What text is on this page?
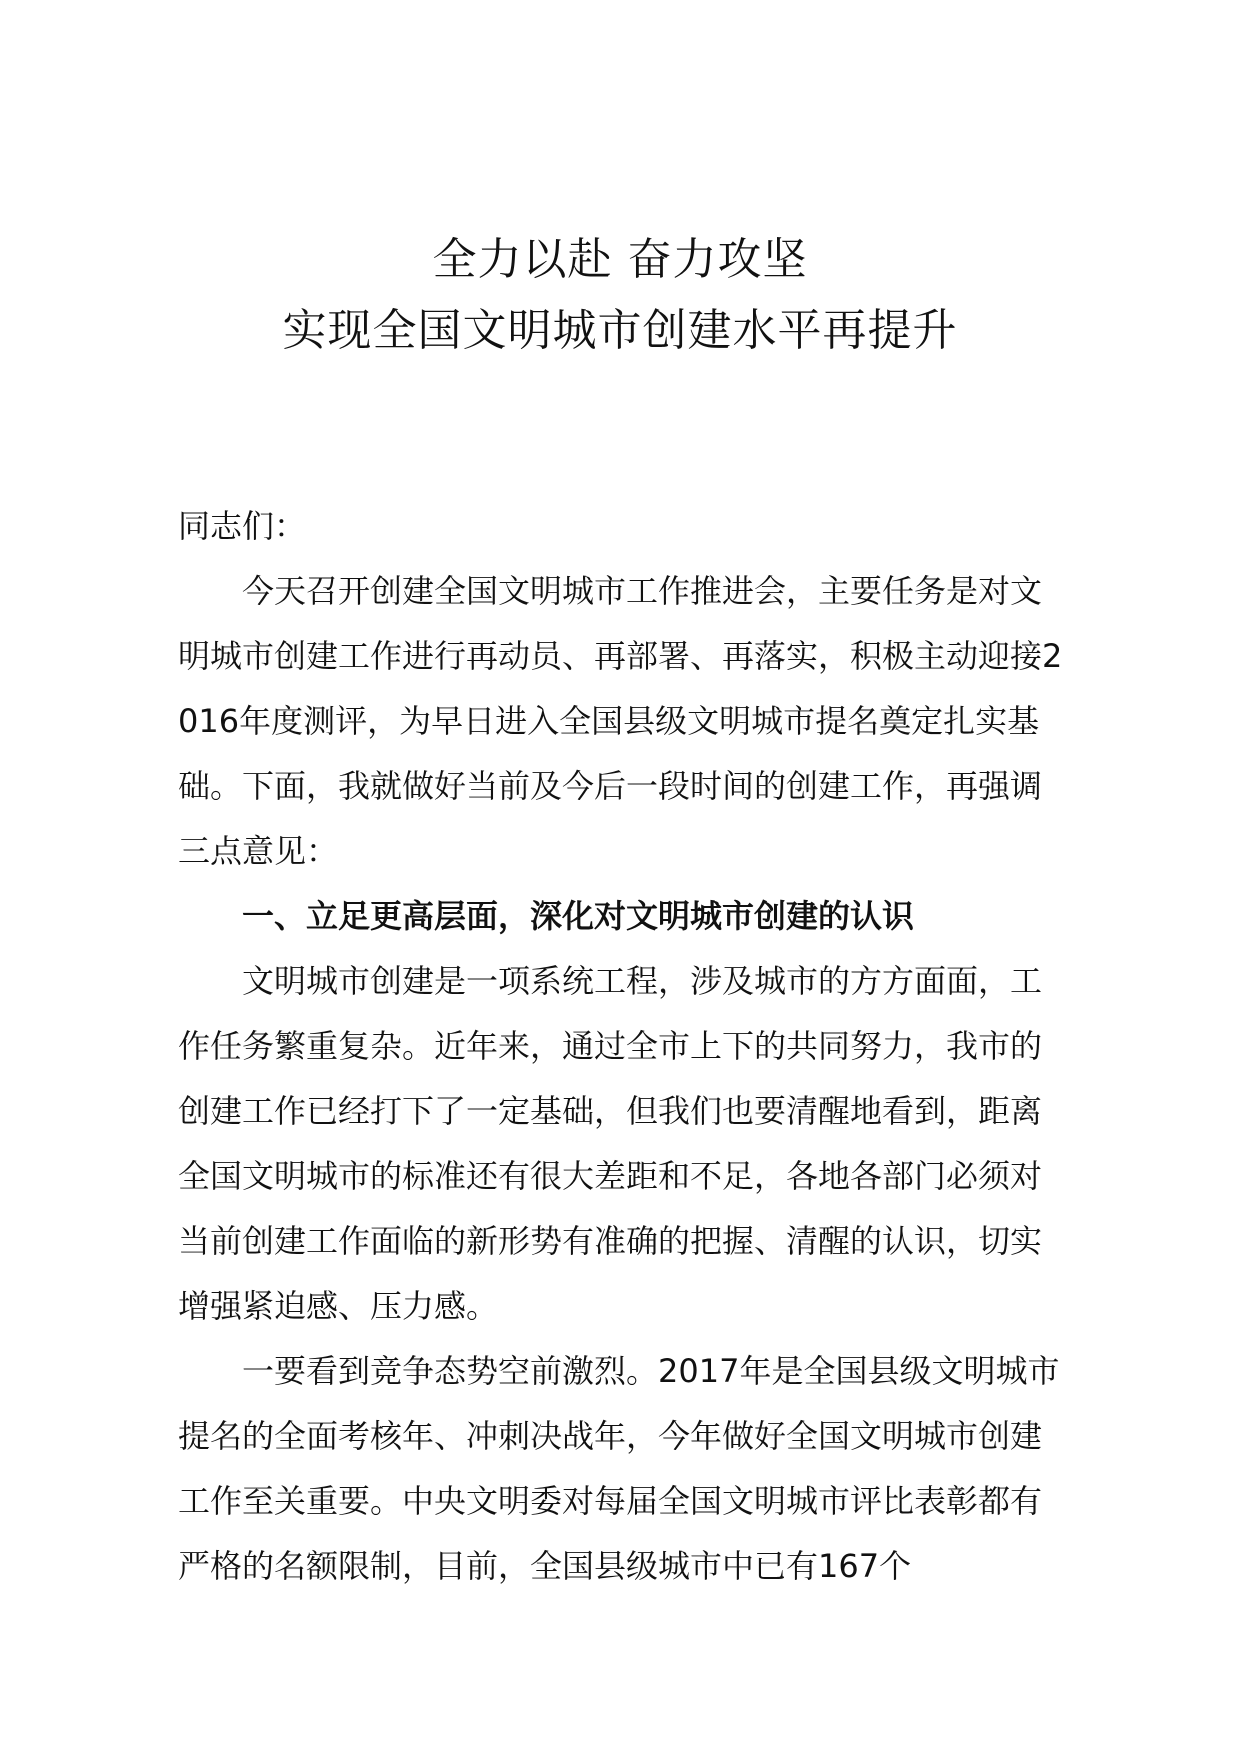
全力以赴 奋力攻坚
实现全国文明城市创建水平再提升

同志们：

今天召开创建全国文明城市工作推进会，主要任务是对文明城市创建工作进行再动员、再部署、再落实，积极主动迎接2016年度测评，为早日进入全国县级文明城市提名奠定扎实基础。下面，我就做好当前及今后一段时间的创建工作，再强调三点意见：

一、立足更高层面，深化对文明城市创建的认识

文明城市创建是一项系统工程，涉及城市的方方面面，工作任务繁重复杂。近年来，通过全市上下的共同努力，我市的创建工作已经打下了一定基础，但我们也要清醒地看到，距离全国文明城市的标准还有很大差距和不足，各地各部门必须对当前创建工作面临的新形势有准确的把握、清醒的认识，切实增强紧迫感、压力感。

一要看到竞争态势空前激烈。2017年是全国县级文明城市提名的全面考核年、冲刺决战年，今年做好全国文明城市创建工作至关重要。中央文明委对每届全国文明城市评比表彰都有严格的名额限制，目前，全国县级城市中已有167个
